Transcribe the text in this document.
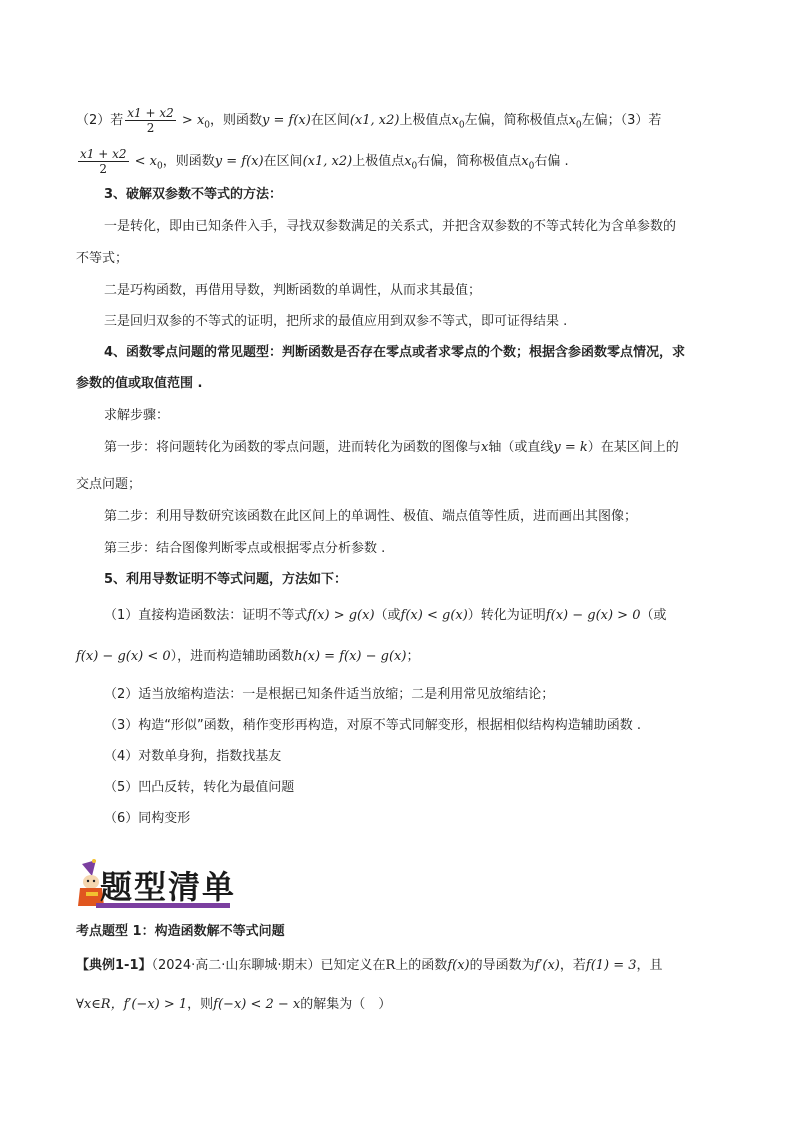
（2）若 $\frac{x1 + x2}{2} > x_0$，则函数y = f(x)在区间(x1, x2)上极值点$x_0$左偏，简称极值点$x_0$左偏；（3）若
$\frac{x1 + x2}{2} < x_0$，则函数y = f(x)在区间(x1, x2)上极值点$x_0$右偏，简称极值点$x_0$右偏 .
3、破解双参数不等式的方法：
一是转化，即由已知条件入手，寻找双参数满足的关系式，并把含双参数的不等式转化为含单参数的
不等式；
二是巧构函数，再借用导数，判断函数的单调性，从而求其最值；
三是回归双参的不等式的证明，把所求的最值应用到双参不等式，即可证得结果 .
4、函数零点问题的常见题型：判断函数是否存在零点或者求零点的个数；根据含参函数零点情况，求
参数的值或取值范围 .
求解步骤：
第一步：将问题转化为函数的零点问题，进而转化为函数的图像与x轴（或直线y = k）在某区间上的
交点问题；
第二步：利用导数研究该函数在此区间上的单调性、极值、端点值等性质，进而画出其图像；
第三步：结合图像判断零点或根据零点分析参数 .
5、利用导数证明不等式问题，方法如下：
（1）直接构造函数法：证明不等式f(x) > g(x)（或f(x) < g(x)）转化为证明f(x) − g(x) > 0（或
f(x) − g(x) < 0），进而构造辅助函数h(x) = f(x) − g(x)；
（2）适当放缩构造法：一是根据已知条件适当放缩；二是利用常见放缩结论；
（3）构造“形似”函数，稍作变形再构造，对原不等式同解变形，根据相似结构构造辅助函数 .
（4）对数单身狗，指数找基友
（5）凹凸反转，转化为最值问题
（6）同构变形
题型清单
考点题型 1：构造函数解不等式问题
【典例1-1】（2024·高二·山东聊城·期末）已知定义在R上的函数f(x)的导函数为f′(x)，若f(1) = 3，且
∀x∈R，f′(−x) > 1，则f(−x) < 2 − x的解集为（　）
